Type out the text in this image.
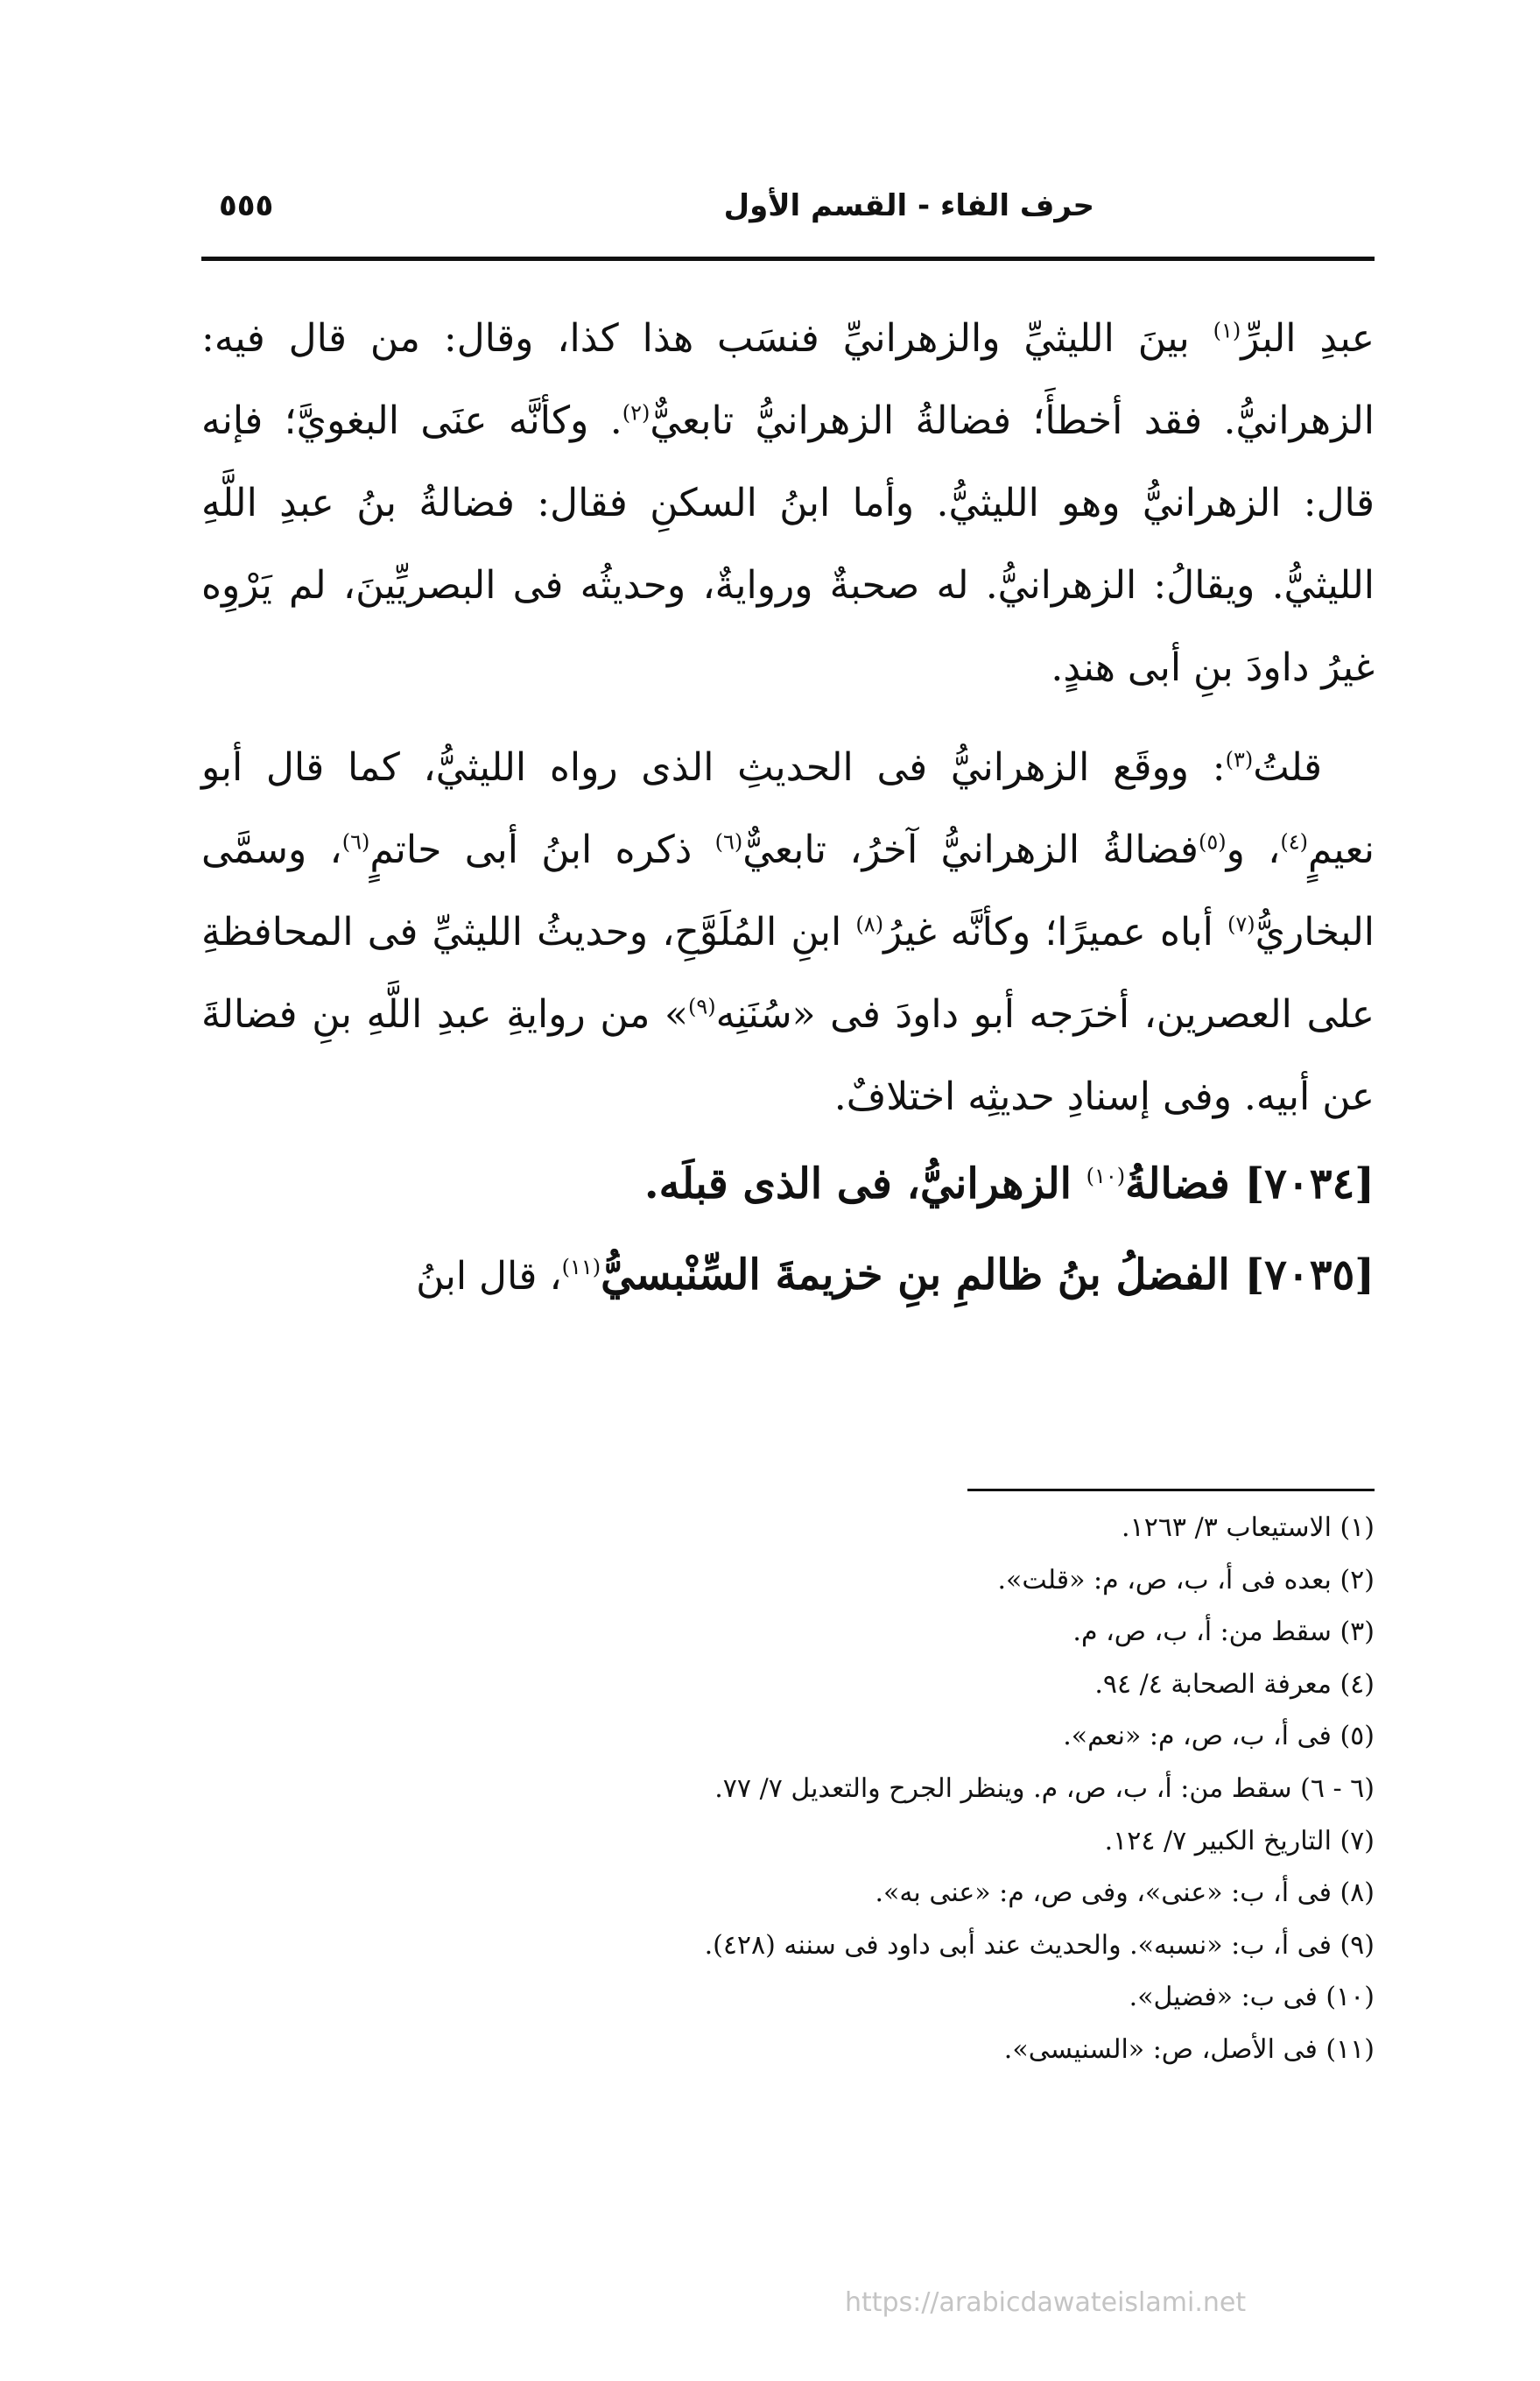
حرف الفاء - القسم الأول
٥٥٥

عبدِ البرِّ$^{(١)}$ بينَ الليثيِّ والزهرانيِّ فنسَب هذا كذا، وقال: من قال فيه: الزهرانيُّ. فقد أخطأَ؛ فضالةُ الزهرانيُّ تابعيٌّ$^{(٢)}$. وكأنَّه عنَى البغويَّ؛ فإنه قال: الزهرانيُّ وهو الليثيُّ. وأما ابنُ السكنِ فقال: فضالةُ بنُ عبدِ اللَّهِ الليثيُّ. ويقالُ: الزهرانيُّ. له صحبةٌ وروايةٌ، وحديثُه فى البصريِّينَ، لم يَرْوِه غيرُ داودَ بنِ أبى هندٍ.

قلتُ$^{(٣)}$: ووقَع الزهرانيُّ فى الحديثِ الذى رواه الليثيُّ، كما قال أبو نعيمٍ$^{(٤)}$، و$^{(٥)}$فضالةُ الزهرانيُّ آخرُ، تابعيٌّ$^{(٦)}$ ذكره ابنُ أبى حاتمٍ$^{(٦)}$، وسمَّى البخاريُّ$^{(٧)}$ أباه عميرًا؛ وكأنَّه غيرُ$^{(٨)}$ ابنِ المُلَوَّحِ، وحديثُ الليثيِّ فى المحافظةِ على العصرين، أخرَجه أبو داودَ فى «سُنَنِه$^{(٩)}$» من روايةِ عبدِ اللَّهِ بنِ فضالةَ عن أبيه. وفى إسنادِ حديثِه اختلافٌ.

[٧٠٣٤] فضالةُ$^{(١٠)}$ الزهرانيُّ، فى الذى قبلَه.

[٧٠٣٥] الفضلُ بنُ ظالمِ بنِ خزيمةَ السِّنْبسيُّ$^{(١١)}$، قال ابنُ

(١) الاستيعاب ٣/ ١٢٦٣.
(٢) بعده فى أ، ب، ص، م: «قلت».
(٣) سقط من: أ، ب، ص، م.
(٤) معرفة الصحابة ٤/ ٩٤.
(٥) فى أ، ب، ص، م: «نعم».
(٦ - ٦) سقط من: أ، ب، ص، م. وينظر الجرح والتعديل ٧/ ٧٧.
(٧) التاريخ الكبير ٧/ ١٢٤.
(٨) فى أ، ب: «عنى»، وفى ص، م: «عنى به».
(٩) فى أ، ب: «نسبه». والحديث عند أبى داود فى سننه (٤٢٨).
(١٠) فى ب: «فضيل».
(١١) فى الأصل، ص: «السنيسى».
https://arabicdawateislami.net
